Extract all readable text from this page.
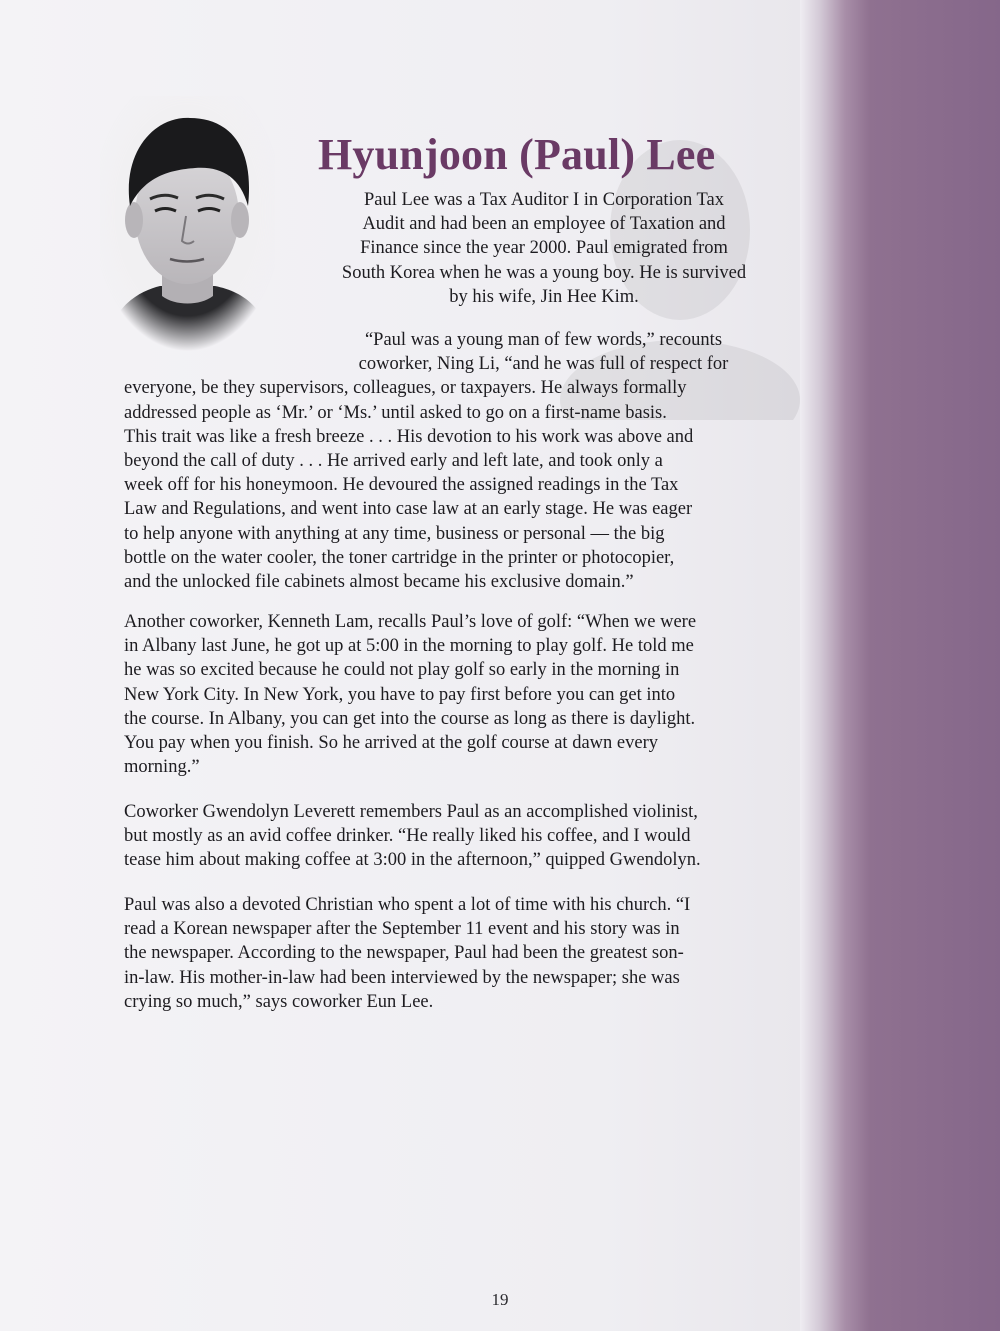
Hyunjoon (Paul) Lee

Paul Lee was a Tax Auditor I in Corporation Tax
Audit and had been an employee of Taxation and
Finance since the year 2000. Paul emigrated from
South Korea when he was a young boy. He is survived
by his wife, Jin Hee Kim.

“Paul was a young man of few words,” recounts
coworker, Ning Li, “and he was full of respect for
everyone, be they supervisors, colleagues, or taxpayers. He always formally
addressed people as ‘Mr.’ or ‘Ms.’ until asked to go on a first-name basis.
This trait was like a fresh breeze . . . His devotion to his work was above and
beyond the call of duty . . . He arrived early and left late, and took only a
week off for his honeymoon. He devoured the assigned readings in the Tax
Law and Regulations, and went into case law at an early stage. He was eager
to help anyone with anything at any time, business or personal — the big
bottle on the water cooler, the toner cartridge in the printer or photocopier,
and the unlocked file cabinets almost became his exclusive domain.”

Another coworker, Kenneth Lam, recalls Paul’s love of golf: “When we were
in Albany last June, he got up at 5:00 in the morning to play golf. He told me
he was so excited because he could not play golf so early in the morning in
New York City. In New York, you have to pay first before you can get into
the course. In Albany, you can get into the course as long as there is daylight.
You pay when you finish. So he arrived at the golf course at dawn every
morning.”

Coworker Gwendolyn Leverett remembers Paul as an accomplished violinist,
but mostly as an avid coffee drinker. “He really liked his coffee, and I would
tease him about making coffee at 3:00 in the afternoon,” quipped Gwendolyn.

Paul was also a devoted Christian who spent a lot of time with his church. “I
read a Korean newspaper after the September 11 event and his story was in
the newspaper. According to the newspaper, Paul had been the greatest son-
in-law. His mother-in-law had been interviewed by the newspaper; she was
crying so much,” says coworker Eun Lee.

19
